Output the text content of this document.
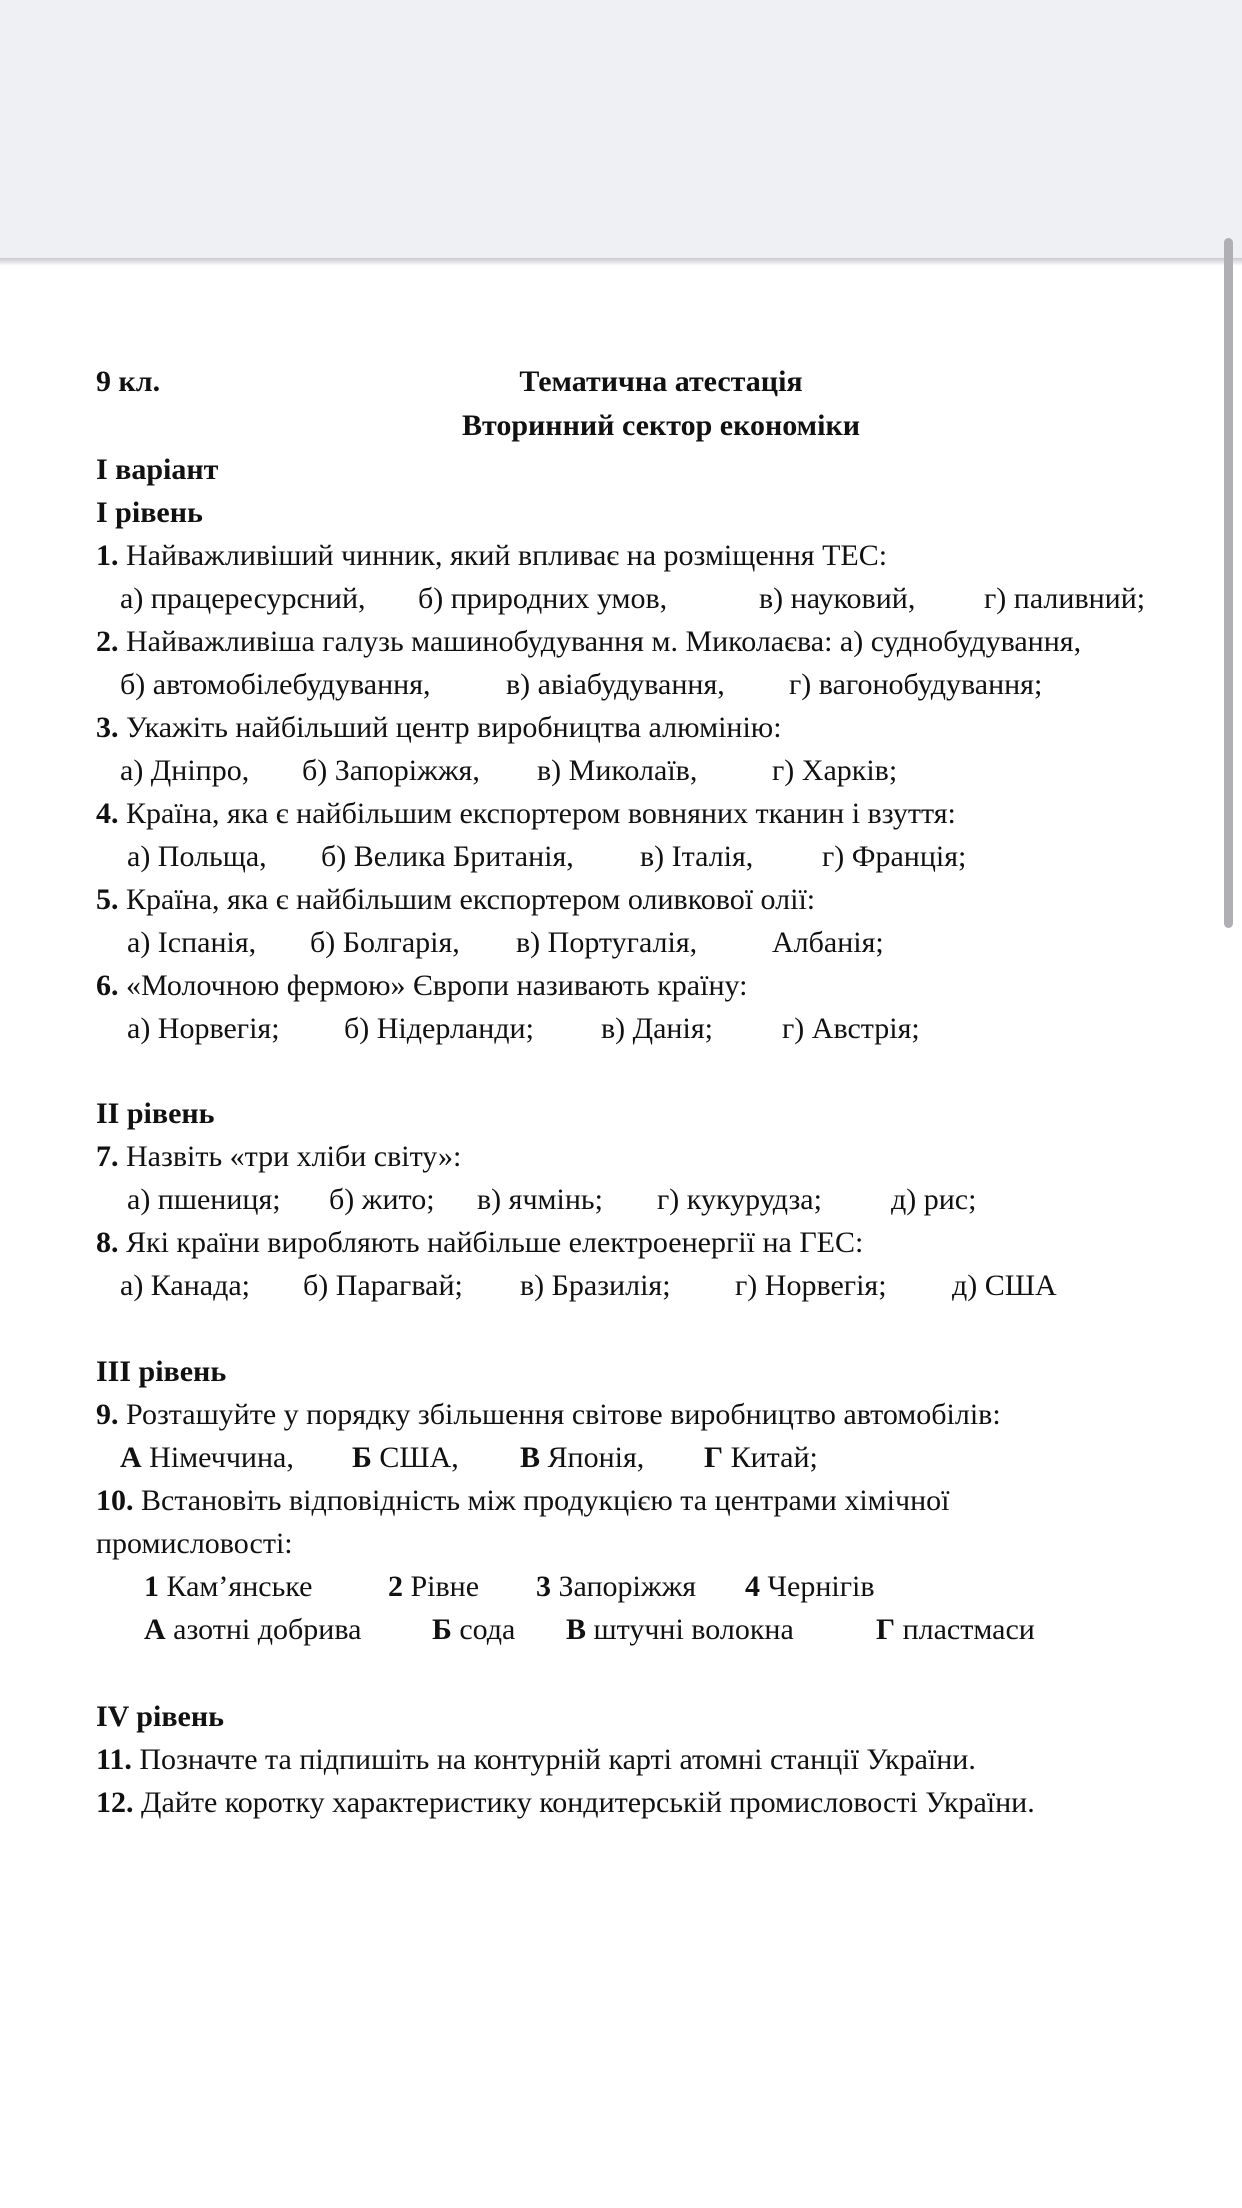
9 кл.	Тематична атестація
Вторинний сектор економіки
І варіант
І рівень
1. Найважливіший чинник, який впливає на розміщення ТЕС:
а) працересурсний, б) природних умов,	в) науковий, г) паливний;
2. Найважливіша галузь машинобудування м. Миколаєва: а) суднобудування,
б) автомобілебудування,	в) авіабудування, г) вагонобудування;
3. Укажіть найбільший центр виробництва алюмінію:
а) Дніпро, б) Запоріжжя, в) Миколаїв, г) Харків;
4. Країна, яка є найбільшим експортером вовняних тканин і взуття:
а) Польща, б) Велика Британія, в) Італія, г) Франція;
5. Країна, яка є найбільшим експортером оливкової олії:
а) Іспанія, б) Болгарія, в) Португалія, Албанія;
6. «Молочною фермою» Європи називають країну:
а) Норвегія; б) Нідерланди; в) Данія; г) Австрія;
ІІ рівень
7. Назвіть «три хліби світу»:
а) пшениця; б) жито; в) ячмінь; г) кукурудза; д) рис;
8. Які країни виробляють найбільше електроенергії на ГЕС:
а) Канада; б) Парагвай; в) Бразилія; г) Норвегія; д) США
ІІІ рівень
9. Розташуйте у порядку збільшення світове виробництво автомобілів:
А Німеччина, Б США, В Японія, Г Китай;
10. Встановіть відповідність між продукцією та центрами хімічної
промисловості:
1 Кам’янське	2 Рівне 3 Запоріжжя 4 Чернігів
А азотні добрива Б сода В штучні волокна	Г пластмаси
IV рівень
11. Позначте та підпишіть на контурній карті атомні станції України.
12. Дайте коротку характеристику кондитерській промисловості України.
